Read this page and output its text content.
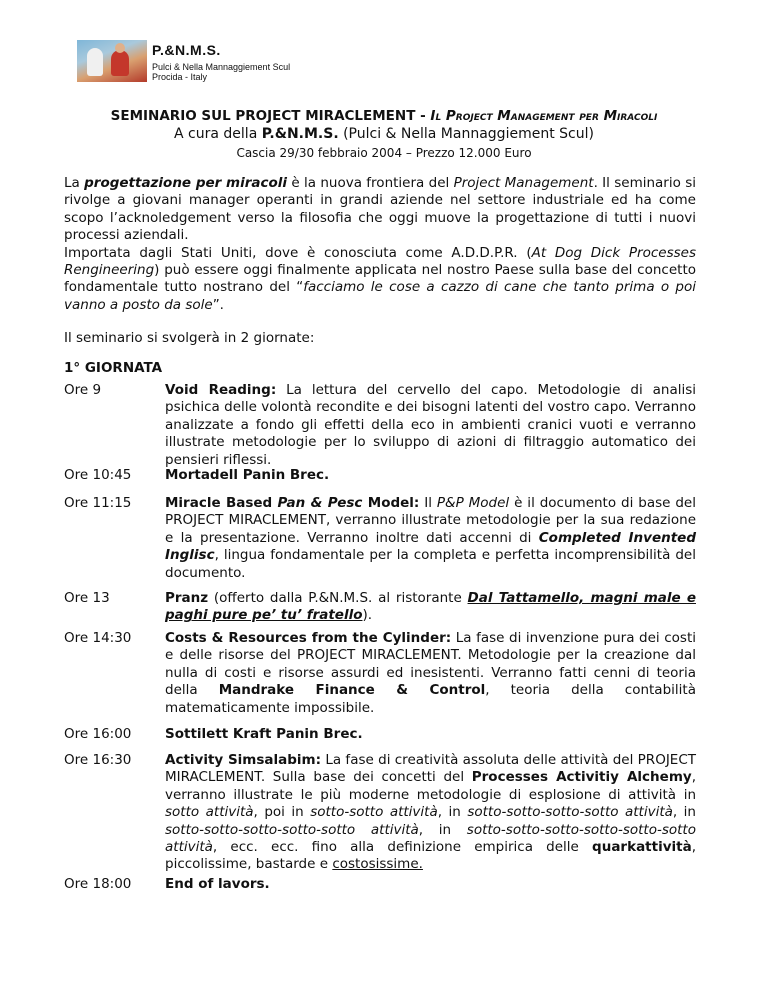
P.&N.M.S.
Pulci & Nella Mannaggiement Scul
Procida - Italy
SEMINARIO SUL PROJECT MIRACLEMENT - Il Project Management per Miracoli
A cura della P.&N.M.S. (Pulci & Nella Mannaggiement Scul)
Cascia 29/30 febbraio 2004 – Prezzo 12.000 Euro
La progettazione per miracoli è la nuova frontiera del Project Management. Il seminario si rivolge a giovani manager operanti in grandi aziende nel settore industriale ed ha come scopo l’acknoledgement verso la filosofia che oggi muove la progettazione di tutti i nuovi processi aziendali.
Importata dagli Stati Uniti, dove è conosciuta come A.D.D.P.R. (At Dog Dick Processes Rengineering) può essere oggi finalmente applicata nel nostro Paese sulla base del concetto fondamentale tutto nostrano del “facciamo le cose a cazzo di cane che tanto prima o poi vanno a posto da sole”.
Il seminario si svolgerà in 2 giornate:
1° GIORNATA
Ore 9	Void Reading: La lettura del cervello del capo. Metodologie di analisi psichica delle volontà recondite e dei bisogni latenti del vostro capo. Verranno analizzate a fondo gli effetti della eco in ambienti cranici vuoti e verranno illustrate metodologie per lo sviluppo di azioni di filtraggio automatico dei pensieri riflessi.
Ore 10:45	Mortadell Panin Brec.
Ore 11:15	Miracle Based Pan & Pesc Model: Il P&P Model è il documento di base del PROJECT MIRACLEMENT, verranno illustrate metodologie per la sua redazione e la presentazione. Verranno inoltre dati accenni di Completed Invented Inglisc, lingua fondamentale per la completa e perfetta incomprensibilità del documento.
Ore 13	Pranz (offerto dalla P.&N.M.S. al ristorante Dal Tattamello, magni male e paghi pure pe’ tu’ fratello).
Ore 14:30	Costs & Resources from the Cylinder: La fase di invenzione pura dei costi e delle risorse del PROJECT MIRACLEMENT. Metodologie per la creazione dal nulla di costi e risorse assurdi ed inesistenti. Verranno fatti cenni di teoria della Mandrake Finance & Control, teoria della contabilità matematicamente impossibile.
Ore 16:00	Sottilett Kraft Panin Brec.
Ore 16:30	Activity Simsalabim: La fase di creatività assoluta delle attività del PROJECT MIRACLEMENT. Sulla base dei concetti del Processes Activitiy Alchemy, verranno illustrate le più moderne metodologie di esplosione di attività in sotto attività, poi in sotto-sotto attività, in sotto-sotto-sotto-sotto attività, in sotto-sotto-sotto-sotto-sotto attività, in sotto-sotto-sotto-sotto-sotto-sotto attività, ecc. ecc. fino alla definizione empirica delle quarkattività, piccolissime, bastarde e costosissime.
Ore 18:00	End of lavors.
